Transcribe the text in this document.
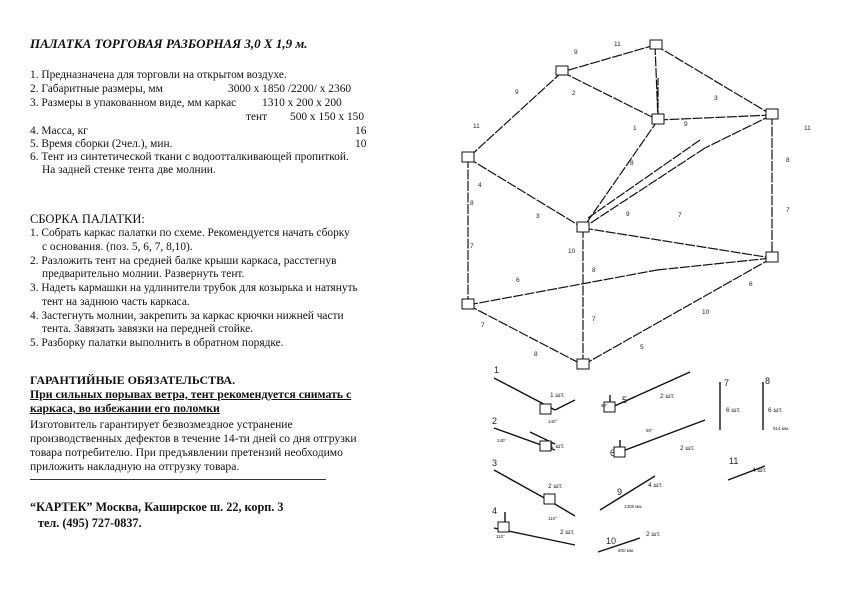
ПАЛАТКА ТОРГОВАЯ РАЗБОРНАЯ 3,0 Х 1,9 м.
1. Предназначена для торговли на открытом воздухе.
2. Габаритные размеры, мм	3000 х 1850 /2200/ х 2360
3. Размеры в упакованном виде, мм каркас 1310 х 200 х 200
тент 500 х 150 х 150
4. Масса, кг	16
5. Время сборки (2чел.), мин.	10
6. Тент из синтетической ткани с водоотталкивающей пропиткой.
На задней стенке тента две молнии.
СБОРКА ПАЛАТКИ:
1. Собрать каркас палатки по схеме. Рекомендуется начать сборку
с основания. (поз. 5, 6, 7, 8,10).
2. Разложить тент на средней балке крыши каркаса, расстегнув
предварительно молнии. Развернуть тент.
3. Надеть кармашки на удлинители трубок для козырька и натянуть
тент на заднюю часть каркаса.
4. Застегнуть молнии, закрепить за каркас крючки нижней части
тента. Завязать завязки на передней стойке.
5. Разборку палатки выполнить в обратном порядке.
ГАРАНТИЙНЫЕ ОБЯЗАТЕЛЬСТВА.
При сильных порывах ветра, тент рекомендуется снимать с
каркаса, во избежании его поломки
Изготовитель гарантирует безвозмездное устранение
производственных дефектов в течение 14-ти дней со дня отгрузки
товара потребителю. При предъявлении претензий необходимо
приложить накладную на отгрузку товара.
“КАРТЕК” Москва, Каширское ш. 22, корп. 3
тел. (495) 727-0837.
11
9
2
9
11
3
1
9
11
8
4
3	9	7
8
7
10
8
6
6
7
10
7
7
8
5
8
1
1 шт.
140°
2
1 шт.
140°
3
2 шт.
110°
4
2 шт.
110°
5	2 шт.
90°
6	2 шт.
90°
7
6 шт.
8
6 шт.
914 мм.
9
4 шт.
1308 мм.
10
2 шт.
500 мм.
11
4 шт.
